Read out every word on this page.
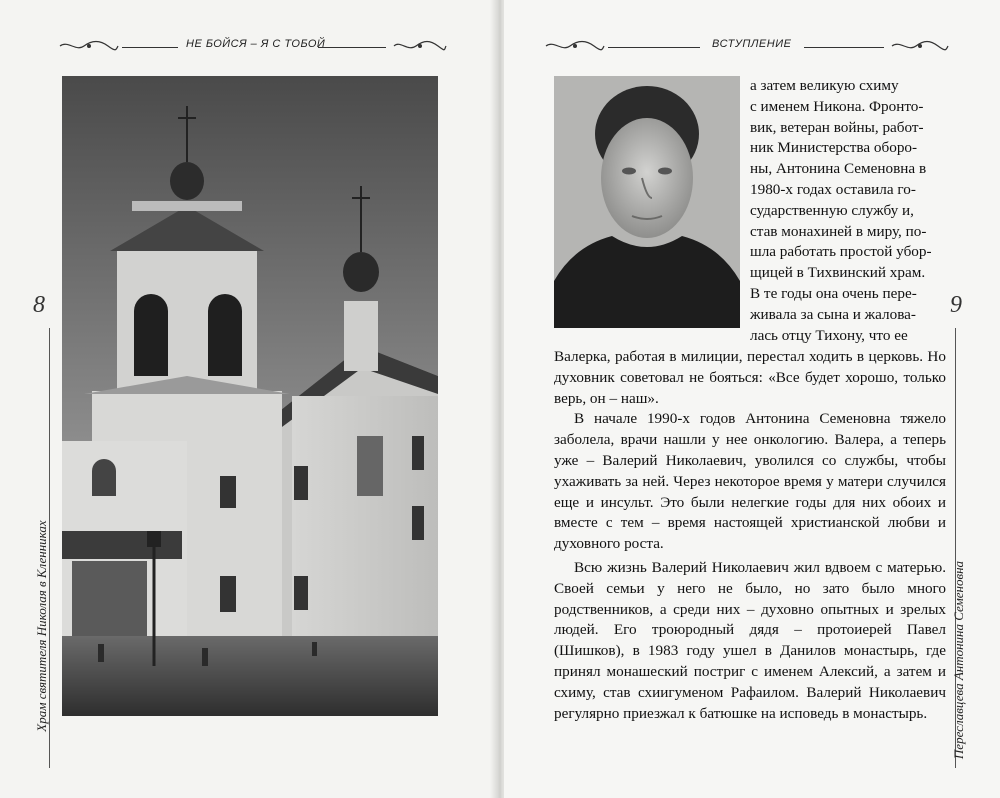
НЕ БОЙСЯ – Я С ТОБОЙ
8
Храм святителя Николая в Кленниках
ВСТУПЛЕНИЕ
9
Переславцева Антонина Семеновна
а затем великую схиму
с именем Никона. Фронто-
вик, ветеран войны, работ-
ник Министерства оборо-
ны, Антонина Семеновна в
1980-х годах оставила го-
сударственную службу и,
став монахиней в миру, по-
шла работать простой убор-
щицей в Тихвинский храм.
В те годы она очень пере-
живала за сына и жалова-
лась отцу Тихону, что ее

Валерка, работая в милиции, перестал ходить в церковь. Но духовник советовал не бояться: «Все будет хорошо, только верь, он – наш».

В начале 1990-х годов Антонина Семеновна тяжело заболела, врачи нашли у нее онкологию. Валера, а теперь уже – Валерий Николаевич, уволился со службы, чтобы ухаживать за ней. Через некоторое время у матери случился еще и инсульт. Это были нелегкие годы для них обоих и вместе с тем – время настоящей христианской любви и духовного роста.

Всю жизнь Валерий Николаевич жил вдвоем с матерью. Своей семьи у него не было, но зато было много родственников, а среди них – духовно опытных и зрелых людей. Его троюродный дядя – протоиерей Павел (Шишков), в 1983 году ушел в Данилов монастырь, где принял монашеский постриг с именем Алексий, а затем и схиму, став схиигуменом Рафаилом. Валерий Николаевич регулярно приезжал к батюшке на исповедь в монастырь.
